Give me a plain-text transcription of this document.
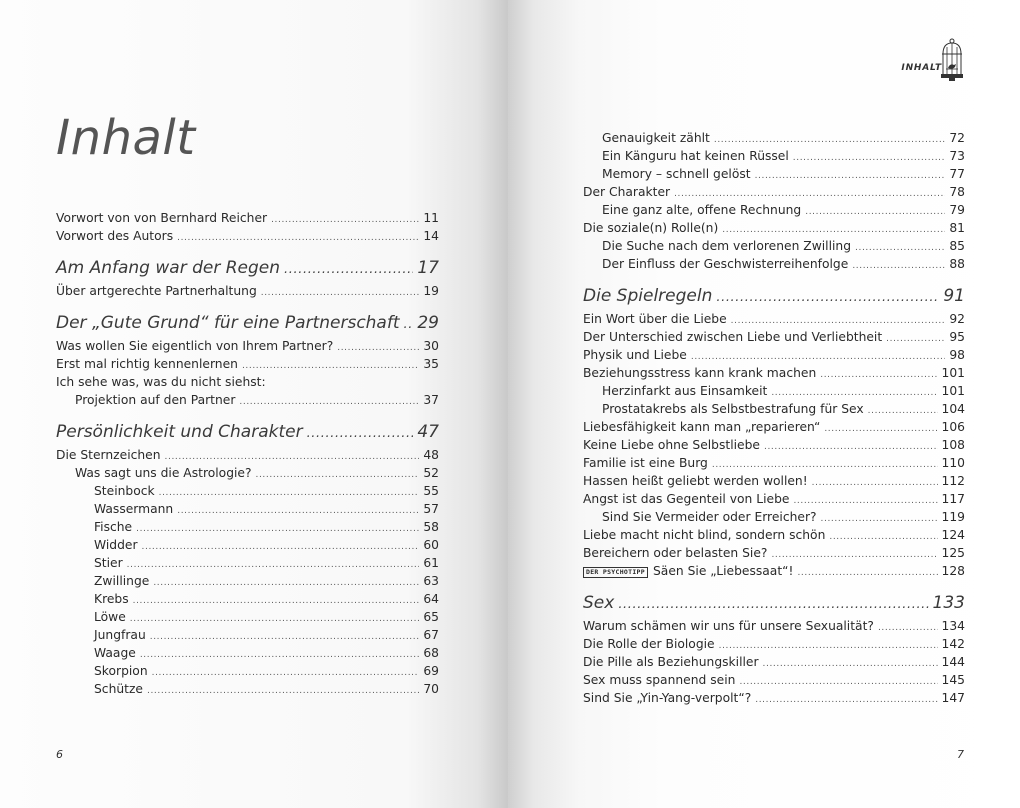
Inhalt
Vorwort von von Bernhard Reicher .....	11
Vorwort des Autors .....	14
Am Anfang war der Regen .....	17
Über artgerechte Partnerhaltung .....	19
Der „Gute Grund“ für eine Partnerschaft ..... 29
Was wollen Sie eigentlich von Ihrem Partner? .....	30
Erst mal richtig kennenlernen .....	35
Ich sehe was, was du nicht siehst:
Projektion auf den Partner .....	37
Persönlichkeit und Charakter .....	47
Die Sternzeichen .....	48
Was sagt uns die Astrologie? .....	52
Steinbock .....	55
Wassermann .....	57
Fische .....	58
Widder .....	60
Stier .....	61
Zwillinge .....	63
Krebs .....	64
Löwe .....	65
Jungfrau .....	67
Waage .....	68
Skorpion .....	69
Schütze .....	70
6
INHALT
Genauigkeit zählt .....	72
Ein Känguru hat keinen Rüssel .....	73
Memory – schnell gelöst .....	77
Der Charakter .....	78
Eine ganz alte, offene Rechnung .....	79
Die soziale(n) Rolle(n) .....	81
Die Suche nach dem verlorenen Zwilling .....	85
Der Einfluss der Geschwisterreihenfolge .....	88
Die Spielregeln .....	91
Ein Wort über die Liebe .....	92
Der Unterschied zwischen Liebe und Verliebtheit .....	95
Physik und Liebe .....	98
Beziehungsstress kann krank machen .....	101
Herzinfarkt aus Einsamkeit .....	101
Prostatakrebs als Selbstbestrafung für Sex .....	104
Liebesfähigkeit kann man „reparieren“ .....	106
Keine Liebe ohne Selbstliebe .....	108
Familie ist eine Burg .....	110
Hassen heißt geliebt werden wollen! .....	112
Angst ist das Gegenteil von Liebe .....	117
Sind Sie Vermeider oder Erreicher? .....	119
Liebe macht nicht blind, sondern schön .....	124
Bereichern oder belasten Sie? .....	125
DER PSYCHOTIPP Säen Sie „Liebessaat“! .....	128
Sex .....	133
Warum schämen wir uns für unsere Sexualität? .....	134
Die Rolle der Biologie .....	142
Die Pille als Beziehungskiller .....	144
Sex muss spannend sein .....	145
Sind Sie „Yin-Yang-verpolt“? .....	147
7
